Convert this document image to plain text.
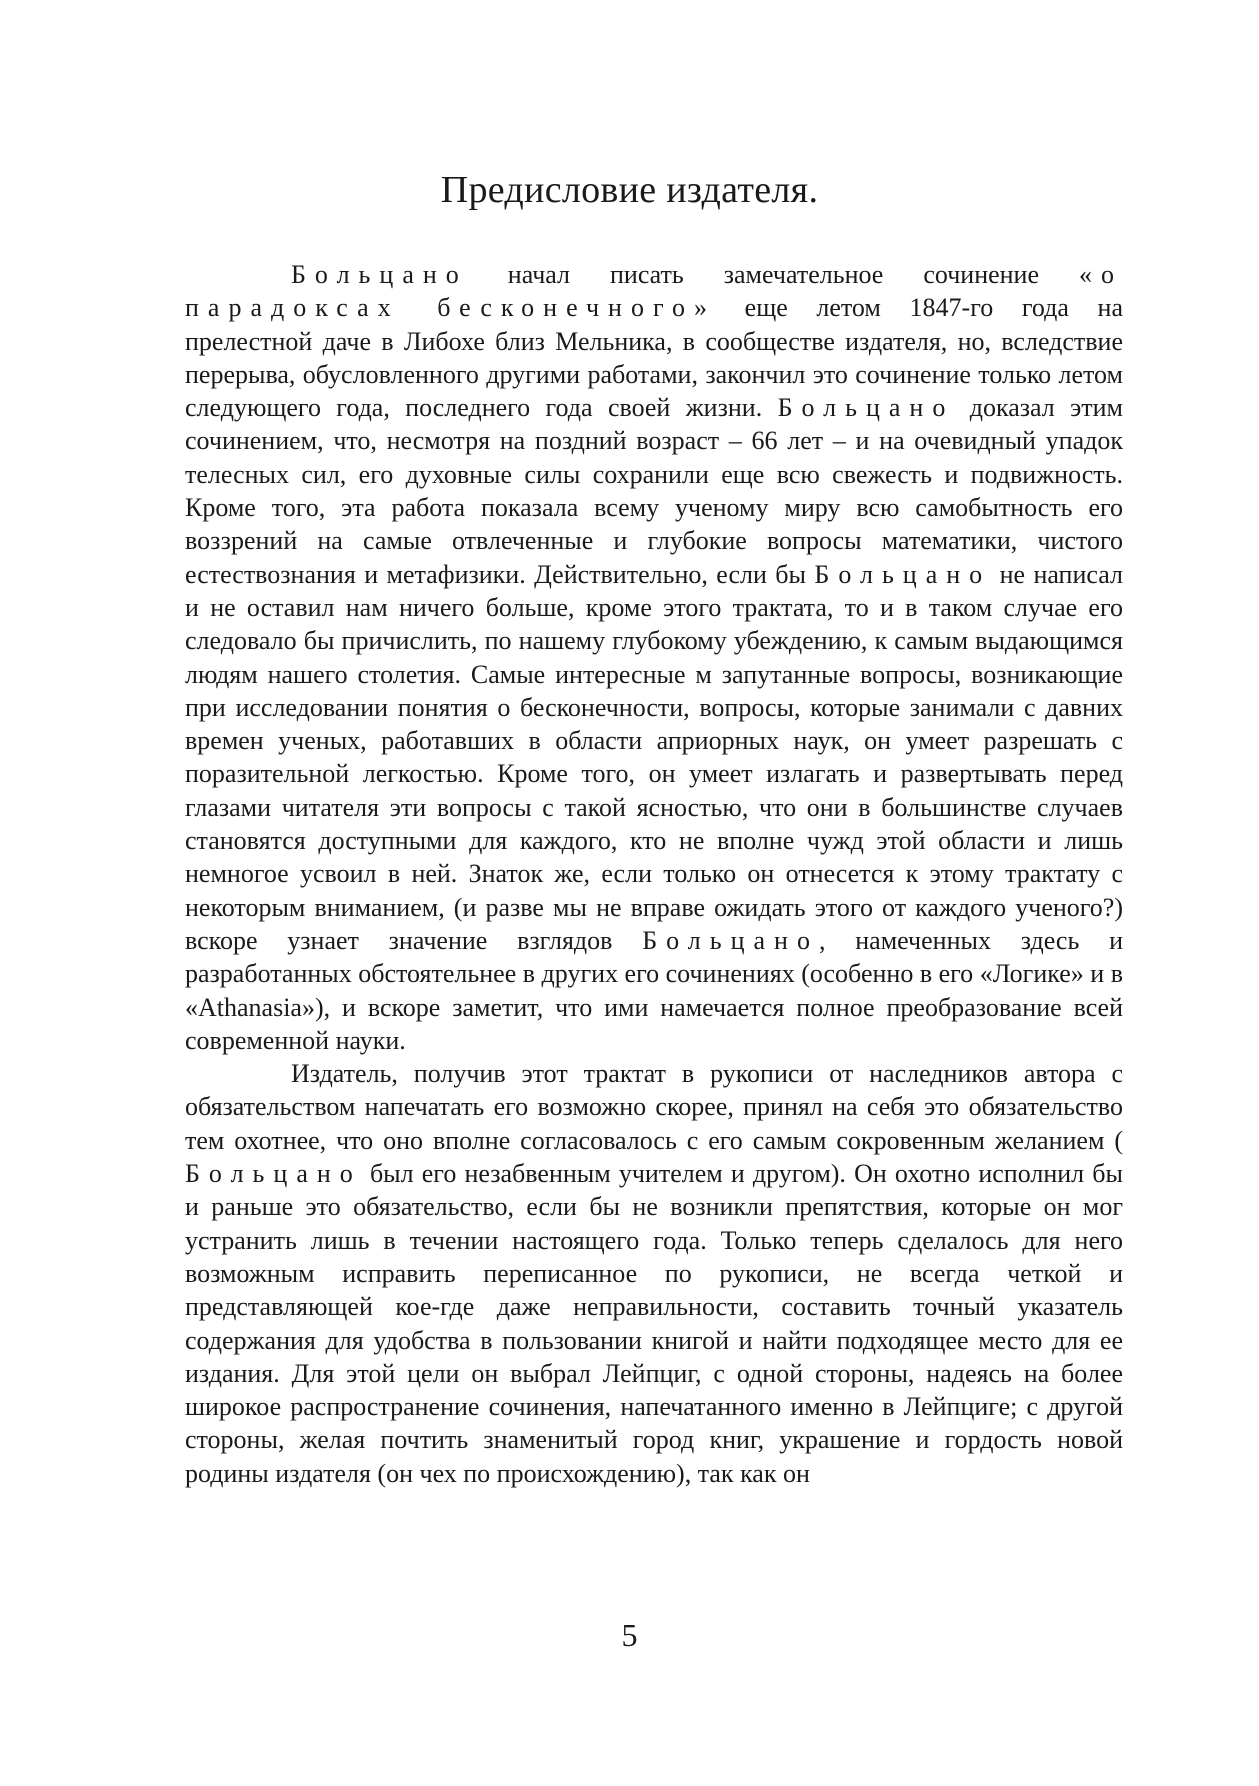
Предисловие издателя.

Больцано начал писать замечательное сочинение «о парадоксах бесконечного» еще летом 1847-го года на прелестной даче в Либохе близ Мельника, в сообществе издателя, но, вследствие перерыва, обусловленного другими работами, закончил это сочинение только летом следующего года, последнего года своей жизни. Больцано доказал этим сочинением, что, несмотря на поздний возраст – 66 лет – и на очевидный упадок телесных сил, его духовные силы сохранили еще всю свежесть и подвижность. Кроме того, эта работа показала всему ученому миру всю самобытность его воззрений на самые отвлеченные и глубокие вопросы математики, чистого естествознания и метафизики. Действительно, если бы Больцано не написал и не оставил нам ничего больше, кроме этого трактата, то и в таком случае его следовало бы причислить, по нашему глубокому убеждению, к самым выдающимся людям нашего столетия. Самые интересные м запутанные вопросы, возникающие при исследовании понятия о бесконечности, вопросы, которые занимали с давних времен ученых, работавших в области априорных наук, он умеет разрешать с поразительной легкостью. Кроме того, он умеет излагать и развертывать перед глазами читателя эти вопросы с такой ясностью, что они в большинстве случаев становятся доступными для каждого, кто не вполне чужд этой области и лишь немногое усвоил в ней. Знаток же, если только он отнесется к этому трактату с некоторым вниманием, (и разве мы не вправе ожидать этого от каждого ученого?) вскоре узнает значение взглядов Больцано, намеченных здесь и разработанных обстоятельнее в других его сочинениях (особенно в его «Логике» и в «Athanasia»), и вскоре заметит, что ими намечается полное преобразование всей современной науки.

Издатель, получив этот трактат в рукописи от наследников автора с обязательством напечатать его возможно скорее, принял на себя это обязательство тем охотнее, что оно вполне согласовалось с его самым сокровенным желанием ( Больцано был его незабвенным учителем и другом). Он охотно исполнил бы и раньше это обязательство, если бы не возникли препятствия, которые он мог устранить лишь в течении настоящего года. Только теперь сделалось для него возможным исправить переписанное по рукописи, не всегда четкой и представляющей кое-где даже неправильности, составить точный указатель содержания для удобства в пользовании книгой и найти подходящее место для ее издания. Для этой цели он выбрал Лейпциг, с одной стороны, надеясь на более широкое распространение сочинения, напечатанного именно в Лейпциге; с другой стороны, желая почтить знаменитый город книг, украшение и гордость новой родины издателя (он чех по происхождению), так как он

5
